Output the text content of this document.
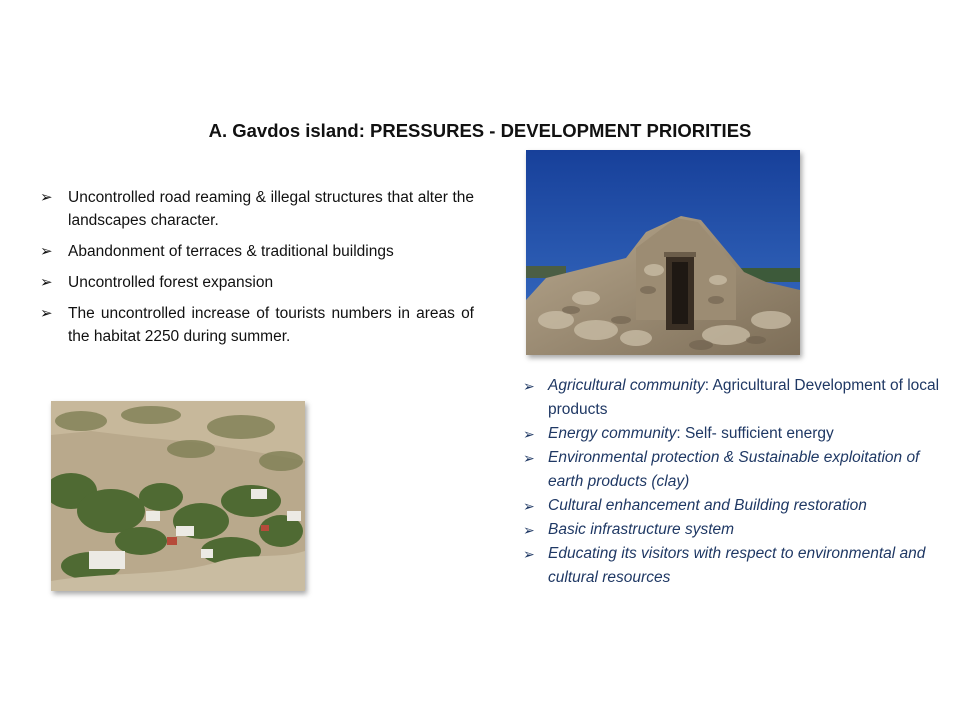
A. Gavdos island: PRESSURES - DEVELOPMENT PRIORITIES
➢ Uncontrolled road reaming & illegal structures that alter the landscapes character.
➢ Abandonment of terraces & traditional buildings
➢ Uncontrolled forest expansion
➢ The uncontrolled increase of tourists numbers in areas of the habitat 2250 during summer.
➢ Agricultural community: Agricultural Development of local products
➢ Energy community: Self- sufficient energy
➢ Environmental protection & Sustainable exploitation of earth products (clay)
➢ Cultural enhancement and Building restoration
➢ Basic infrastructure system
➢ Educating its visitors with respect to environmental and cultural resources
